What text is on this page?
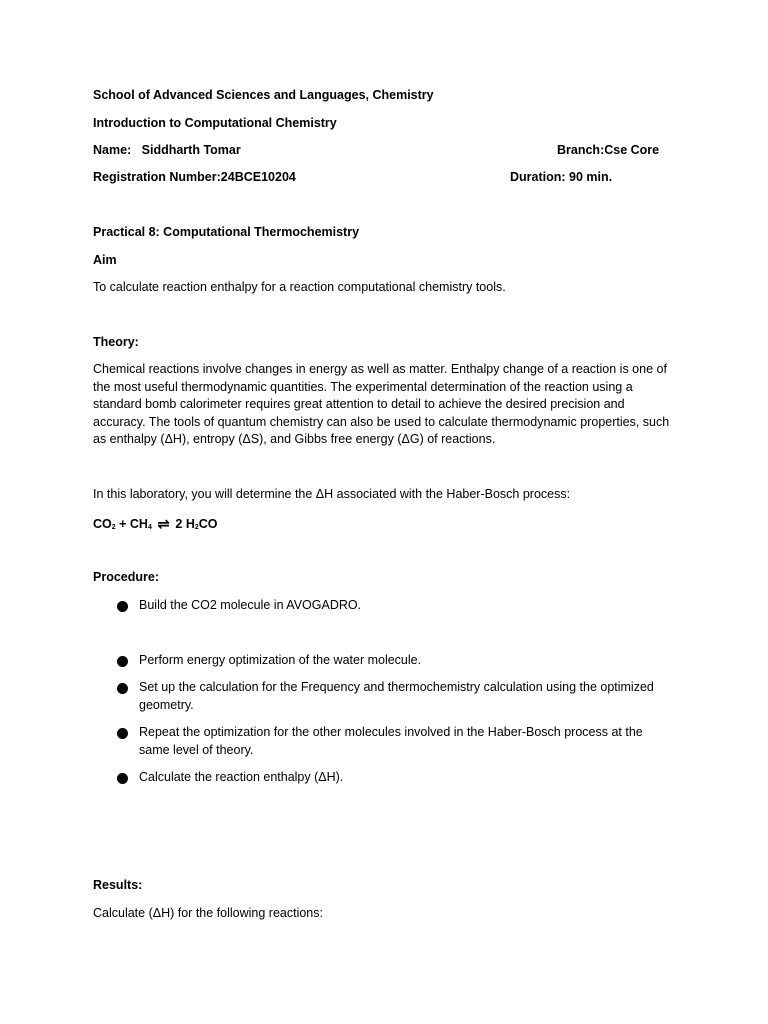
School of Advanced Sciences and Languages, Chemistry
Introduction to Computational Chemistry
Name: Siddharth Tomar	Branch:Cse Core
Registration Number:24BCE10204	Duration: 90 min.
Practical 8: Computational Thermochemistry
Aim
To calculate reaction enthalpy for a reaction computational chemistry tools.
Theory:
Chemical reactions involve changes in energy as well as matter. Enthalpy change of a reaction is one of the most useful thermodynamic quantities. The experimental determination of the reaction using a standard bomb calorimeter requires great attention to detail to achieve the desired precision and accuracy. The tools of quantum chemistry can also be used to calculate thermodynamic properties, such as enthalpy (ΔH), entropy (ΔS), and Gibbs free energy (ΔG) of reactions.
In this laboratory, you will determine the ΔH associated with the Haber-Bosch process:
$CO_2 + CH_4$ ⇌ 2 $H_2CO$
Procedure:
Build the CO2 molecule in AVOGADRO.
Perform energy optimization of the water molecule.
Set up the calculation for the Frequency and thermochemistry calculation using the optimized geometry.
Repeat the optimization for the other molecules involved in the Haber-Bosch process at the same level of theory.
Calculate the reaction enthalpy (ΔH).
Results:
Calculate (ΔH) for the following reactions:
